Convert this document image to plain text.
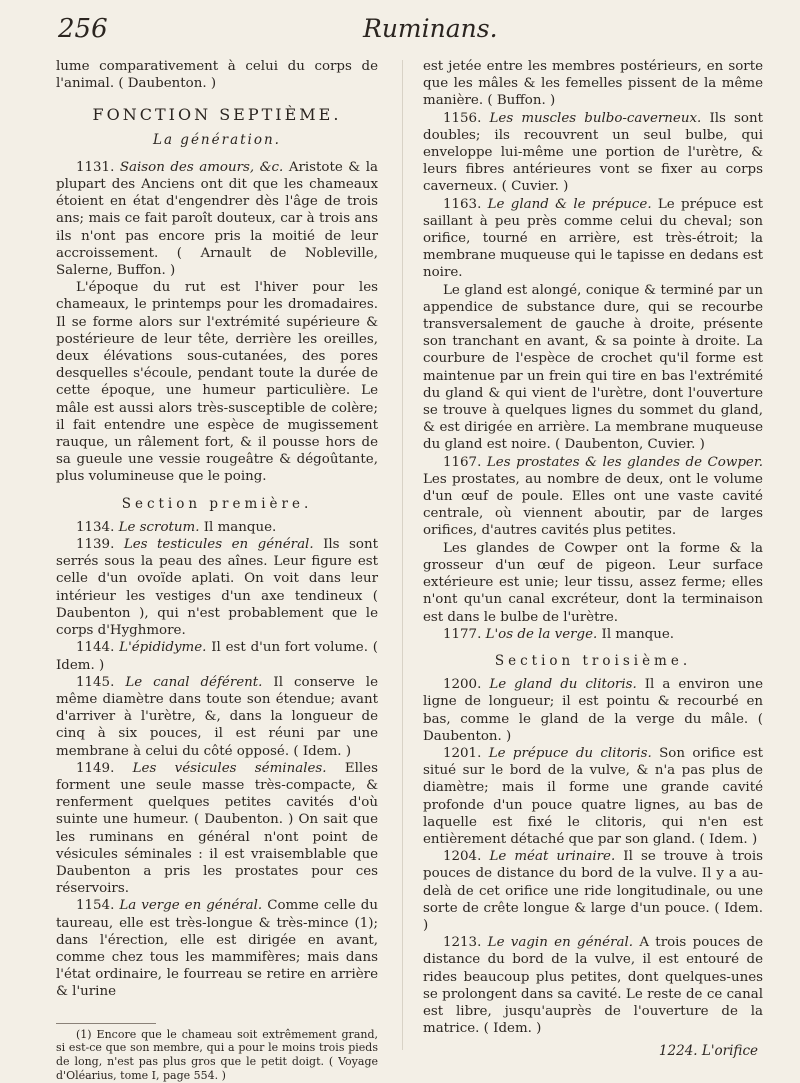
256	Ruminans.

lume comparativement à celui du corps de l'animal. ( Daubenton. )

FONCTION SEPTIÈME.
La génération.

1131. Saison des amours, &c. Aristote & la plupart des Anciens ont dit que les chameaux étoient en état d'engendrer dès l'âge de trois ans; mais ce fait paroît douteux, car à trois ans ils n'ont pas encore pris la moitié de leur accroissement. ( Arnault de Nobleville, Salerne, Buffon. )

L'époque du rut est l'hiver pour les chameaux, le printemps pour les dromadaires. Il se forme alors sur l'extrémité supérieure & postérieure de leur tête, derrière les oreilles, deux élévations sous-cutanées, des pores desquelles s'écoule, pendant toute la durée de cette époque, une humeur particulière. Le mâle est aussi alors très-susceptible de colère; il fait entendre une espèce de mugissement rauque, un râlement fort, & il pousse hors de sa gueule une vessie rougeâtre & dégoûtante, plus volumineuse que le poing.

Section première.

1134. Le scrotum. Il manque.

1139. Les testicules en général. Ils sont serrés sous la peau des aînes. Leur figure est celle d'un ovoïde aplati. On voit dans leur intérieur les vestiges d'un axe tendineux ( Daubenton ), qui n'est probablement que le corps d'Hyghmore.

1144. L'épididyme. Il est d'un fort volume. ( Idem. )

1145. Le canal déférent. Il conserve le même diamètre dans toute son étendue; avant d'arriver à l'urètre, &, dans la longueur de cinq à six pouces, il est réuni par une membrane à celui du côté opposé. ( Idem. )

1149. Les vésicules séminales. Elles forment une seule masse très-compacte, & renferment quelques petites cavités d'où suinte une humeur. ( Daubenton. ) On sait que les ruminans en général n'ont point de vésicules séminales : il est vraisemblable que Daubenton a pris les prostates pour ces réservoirs.

1154. La verge en général. Comme celle du taureau, elle est très-longue & très-mince (1); dans l'érection, elle est dirigée en avant, comme chez tous les mammifères; mais dans l'état ordinaire, le fourreau se retire en arrière & l'urine

(1) Encore que le chameau soit extrêmement grand, si est-ce que son membre, qui a pour le moins trois pieds de long, n'est pas plus gros que le petit doigt. ( Voyage d'Oléarius, tome I, page 554. )

est jetée entre les membres postérieurs, en sorte que les mâles & les femelles pissent de la même manière. ( Buffon. )

1156. Les muscles bulbo-caverneux. Ils sont doubles; ils recouvrent un seul bulbe, qui enveloppe lui-même une portion de l'urètre, & leurs fibres antérieures vont se fixer au corps caverneux. ( Cuvier. )

1163. Le gland & le prépuce. Le prépuce est saillant à peu près comme celui du cheval; son orifice, tourné en arrière, est très-étroit; la membrane muqueuse qui le tapisse en dedans est noire.

Le gland est alongé, conique & terminé par un appendice de substance dure, qui se recourbe transversalement de gauche à droite, présente son tranchant en avant, & sa pointe à droite. La courbure de l'espèce de crochet qu'il forme est maintenue par un frein qui tire en bas l'extrémité du gland & qui vient de l'urètre, dont l'ouverture se trouve à quelques lignes du sommet du gland, & est dirigée en arrière. La membrane muqueuse du gland est noire. ( Daubenton, Cuvier. )

1167. Les prostates & les glandes de Cowper. Les prostates, au nombre de deux, ont le volume d'un œuf de poule. Elles ont une vaste cavité centrale, où viennent aboutir, par de larges orifices, d'autres cavités plus petites.

Les glandes de Cowper ont la forme & la grosseur d'un œuf de pigeon. Leur surface extérieure est unie; leur tissu, assez ferme; elles n'ont qu'un canal excréteur, dont la terminaison est dans le bulbe de l'urètre.

1177. L'os de la verge. Il manque.

Section troisième.

1200. Le gland du clitoris. Il a environ une ligne de longueur; il est pointu & recourbé en bas, comme le gland de la verge du mâle. ( Daubenton. )

1201. Le prépuce du clitoris. Son orifice est situé sur le bord de la vulve, & n'a pas plus de diamètre; mais il forme une grande cavité profonde d'un pouce quatre lignes, au bas de laquelle est fixé le clitoris, qui n'en est entièrement détaché que par son gland. ( Idem. )

1204. Le méat urinaire. Il se trouve à trois pouces de distance du bord de la vulve. Il y a au-delà de cet orifice une ride longitudinale, ou une sorte de crête longue & large d'un pouce. ( Idem. )

1213. Le vagin en général. A trois pouces de distance du bord de la vulve, il est entouré de rides beaucoup plus petites, dont quelques-unes se prolongent dans sa cavité. Le reste de ce canal est libre, jusqu'auprès de l'ouverture de la matrice. ( Idem. )

1224. L'orifice
